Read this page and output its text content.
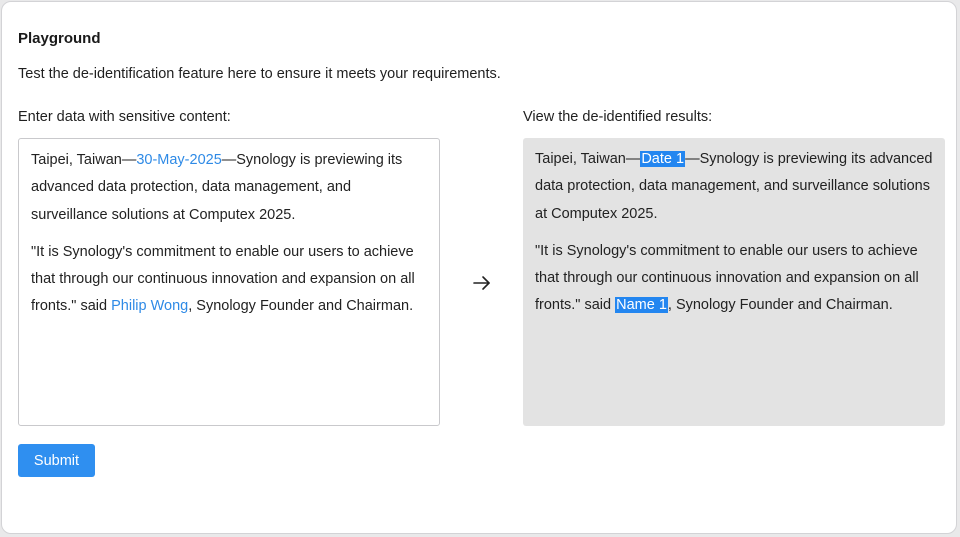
Playground
Test the de-identification feature here to ensure it meets your requirements.
Enter data with sensitive content:	View the de-identified results:

Taipei, Taiwan—30-May-2025—Synology is previewing its advanced data protection, data management, and surveillance solutions at Computex 2025.

"It is Synology's commitment to enable our users to achieve that through our continuous innovation and expansion on all fronts." said Philip Wong, Synology Founder and Chairman.

Taipei, Taiwan—Date 1—Synology is previewing its advanced data protection, data management, and surveillance solutions at Computex 2025.

"It is Synology's commitment to enable our users to achieve that through our continuous innovation and expansion on all fronts." said Name 1, Synology Founder and Chairman.

Submit
